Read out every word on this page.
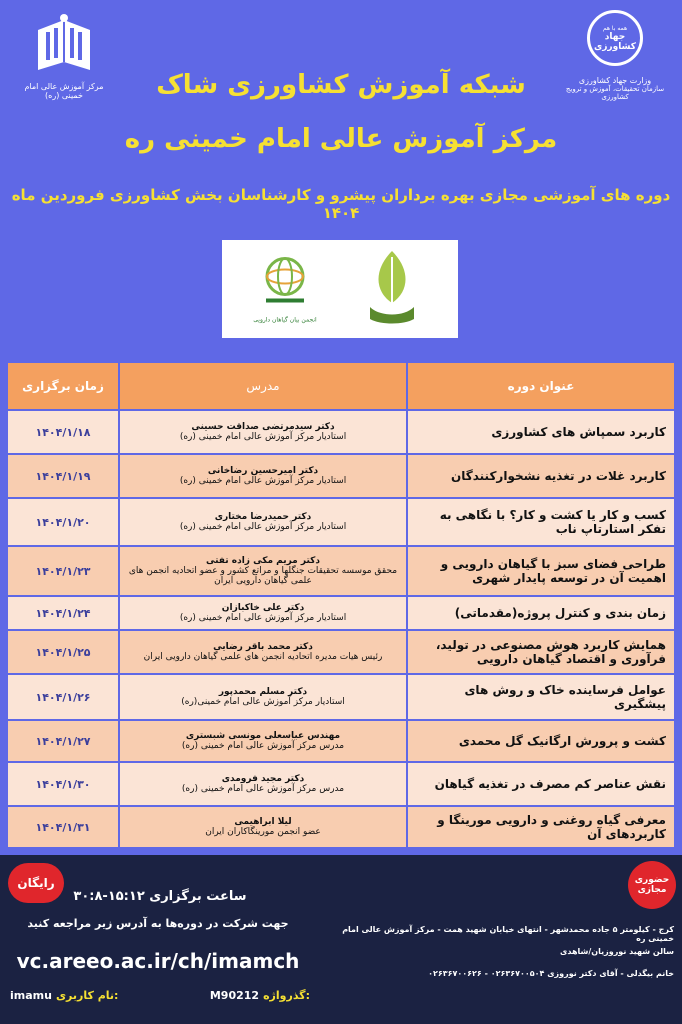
مرکز آموزش عالی امام خمینی (ره)
همه با هم
جهاد کشاورزی
وزارت جهاد کشاورزی
سازمان تحقیقات، آموزش و ترویج کشاورزی
شبکه آموزش کشاورزی شاک
مرکز آموزش عالی امام خمینی ره
دوره های آموزشی مجازی بهره برداران پیشرو و کارشناسان بخش کشاورزی فروردین ماه ۱۴۰۴
انجمن بیان گیاهان دارویی
عنوان دوره
مدرس
زمان برگزاری
کاربرد سمپاش های کشاورزی
دکتر سیدمرتضی صداقت حسینی
استادیار مرکز آموزش عالی امام خمینی (ره)
۱۴۰۴/۱/۱۸
کاربرد غلات در تغذیه نشخوارکنندگان
دکتر امیرحسین رضاخانی
استادیار مرکز آموزش عالی امام خمینی (ره)
۱۴۰۴/۱/۱۹
کسب و کار یا کشت و کار؟ با نگاهی به تفکر استارتاپ ناب
دکتر حمیدرضا مختاری
استادیار مرکز آموزش عالی امام خمینی (ره)
۱۴۰۴/۱/۲۰
طراحی فضای سبز با گیاهان دارویی و اهمیت آن در توسعه پایدار شهری
دکتر مریم مکی زاده تفتی
محقق موسسه تحقیقات جنگلها و مراتع کشور و عضو اتحادیه انجمن های علمی گیاهان دارویی ایران
۱۴۰۴/۱/۲۳
زمان بندی و کنترل پروژه(مقدماتی)
دکتر علی خاکبازان
استادیار مرکز آموزش عالی امام خمینی (ره)
۱۴۰۴/۱/۲۴
همایش کاربرد هوش مصنوعی در تولید، فرآوری و اقتصاد گیاهان دارویی
دکتر محمد باقر رضایی
رئیس هیات مدیره اتحادیه انجمن های علمی گیاهان دارویی ایران
۱۴۰۴/۱/۲۵
عوامل فرساینده خاک و روش های پیشگیری
دکتر مسلم محمدپور
استادیار مرکز آموزش عالی امام خمینی(ره)
۱۴۰۴/۱/۲۶
کشت و پرورش ارگانیک گل محمدی
مهندس عباسعلی مونسی شبستری
مدرس مرکز آموزش عالی امام خمینی (ره)
۱۴۰۴/۱/۲۷
نقش عناصر کم مصرف در تغذیه گیاهان
دکتر مجید فرومدی
مدرس مرکز آموزش عالی امام خمینی (ره)
۱۴۰۴/۱/۳۰
معرفی گیاه روغنی و دارویی مورینگا و کاربردهای آن
لیلا ابراهیمی
عضو انجمن مورینگاکاران ایران
۱۴۰۴/۱/۳۱
رایگان	حضوری
مجازی
ساعت برگزاری ۱۵:۱۲-۳۰:۸
جهت شرکت در دوره‌ها به آدرس زیر مراجعه کنید
vc.areeo.ac.ir/ch/imamch
imamu نام کاربری:	M90212 گذرواژه:
کرج - کیلومتر ۵ جاده محمدشهر - انتهای خیابان شهید همت - مرکز آموزش عالی امام خمینی ره
سالن شهید نوروزیان/شاهدی
خانم بیگدلی - آقای دکتر نوروزی ۰۲۶۳۶۷۰۰۵۰۴ - ۰۲۶۳۶۷۰۰۶۲۶
